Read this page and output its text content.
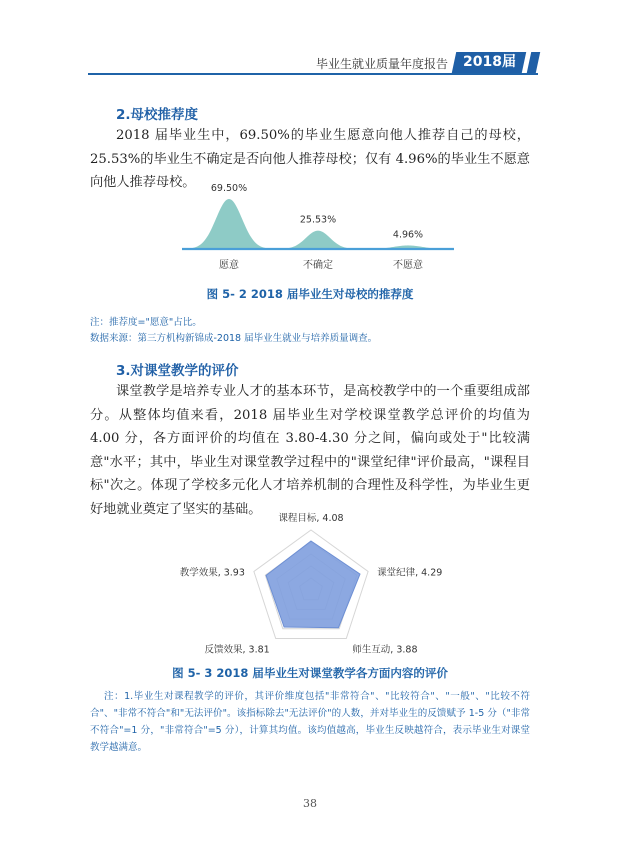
毕业生就业质量年度报告	2018届
2.母校推荐度
2018 届毕业生中，69.50%的毕业生愿意向他人推荐自己的母校，25.53%的毕业生不确定是否向他人推荐母校；仅有 4.96%的毕业生不愿意向他人推荐母校。	69.50%
25.53%
4.96%
愿意	不确定	不愿意
图 5- 2 2018 届毕业生对母校的推荐度
注：推荐度="愿意"占比。
数据来源：第三方机构新锦成-2018 届毕业生就业与培养质量调查。
3.对课堂教学的评价
课堂教学是培养专业人才的基本环节，是高校教学中的一个重要组成部分。从整体均值来看，2018 届毕业生对学校课堂教学总评价的均值为 4.00 分，各方面评价的均值在 3.80-4.30 分之间，偏向或处于"比较满意"水平；其中，毕业生对课堂教学过程中的"课堂纪律"评价最高，"课程目标"次之。体现了学校多元化人才培养机制的合理性及科学性，为毕业生更好地就业奠定了坚实的基础。
课程目标, 4.08
课堂纪律, 4.29
师生互动, 3.88
反馈效果, 3.81
教学效果, 3.93
图 5- 3 2018 届毕业生对课堂教学各方面内容的评价
注：1.毕业生对课程教学的评价，其评价维度包括"非常符合"、"比较符合"、"一般"、"比较不符合"、"非常不符合"和"无法评价"。该指标除去"无法评价"的人数，并对毕业生的反馈赋予 1-5 分（"非常不符合"=1 分，"非常符合"=5 分），计算其均值。该均值越高，毕业生反映越符合，表示毕业生对课堂教学越满意。
38
